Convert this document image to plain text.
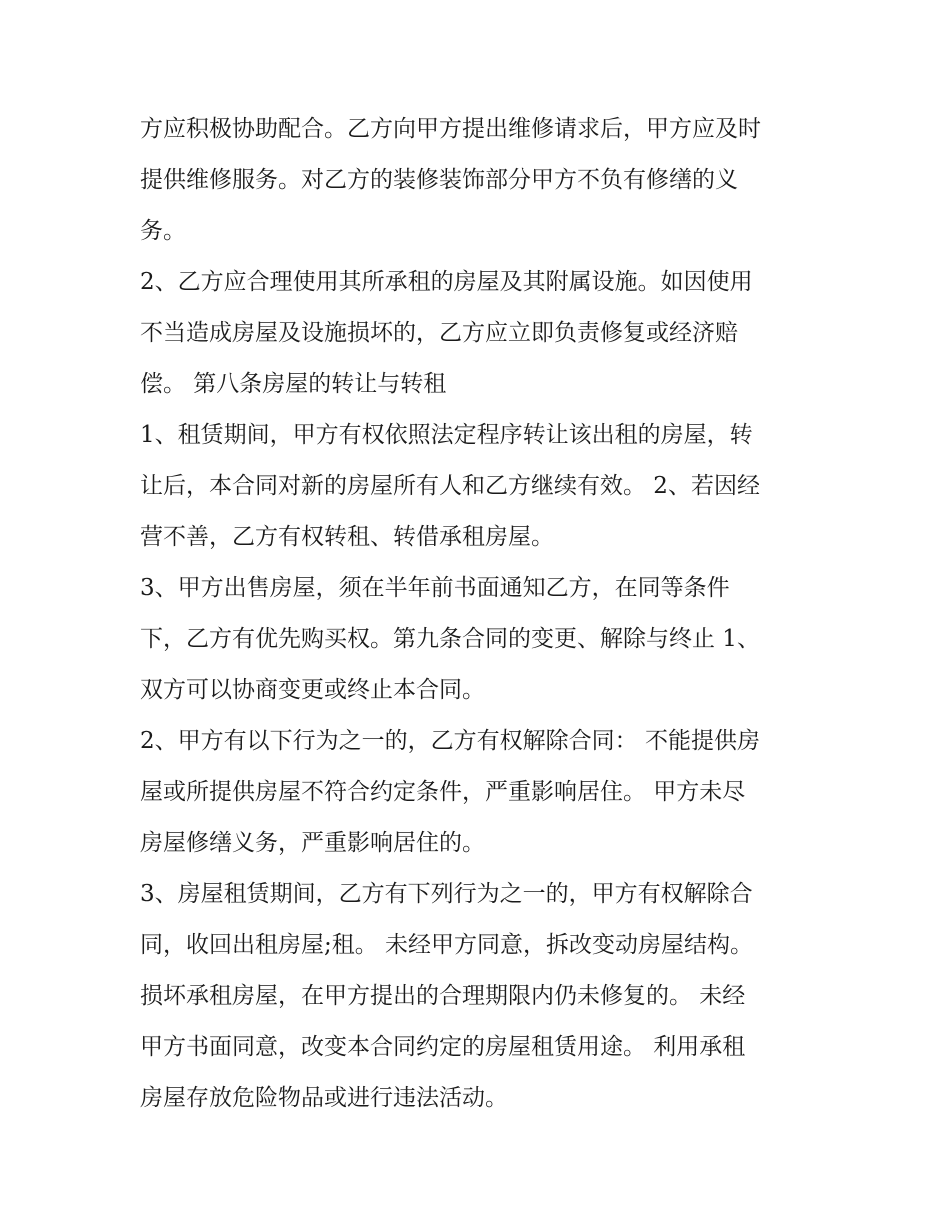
方应积极协助配合。乙方向甲方提出维修请求后，甲方应及时
提供维修服务。对乙方的装修装饰部分甲方不负有修缮的义
务。
2、乙方应合理使用其所承租的房屋及其附属设施。如因使用
不当造成房屋及设施损坏的，乙方应立即负责修复或经济赔
偿。 第八条房屋的转让与转租
1、租赁期间，甲方有权依照法定程序转让该出租的房屋，转
让后，本合同对新的房屋所有人和乙方继续有效。 2、若因经
营不善，乙方有权转租、转借承租房屋。
3、甲方出售房屋，须在半年前书面通知乙方，在同等条件
下，乙方有优先购买权。第九条合同的变更、解除与终止 1、
双方可以协商变更或终止本合同。
2、甲方有以下行为之一的，乙方有权解除合同： 不能提供房
屋或所提供房屋不符合约定条件，严重影响居住。 甲方未尽
房屋修缮义务，严重影响居住的。
3、房屋租赁期间，乙方有下列行为之一的，甲方有权解除合
同，收回出租房屋;租。 未经甲方同意，拆改变动房屋结构。
损坏承租房屋，在甲方提出的合理期限内仍未修复的。 未经
甲方书面同意，改变本合同约定的房屋租赁用途。 利用承租
房屋存放危险物品或进行违法活动。
